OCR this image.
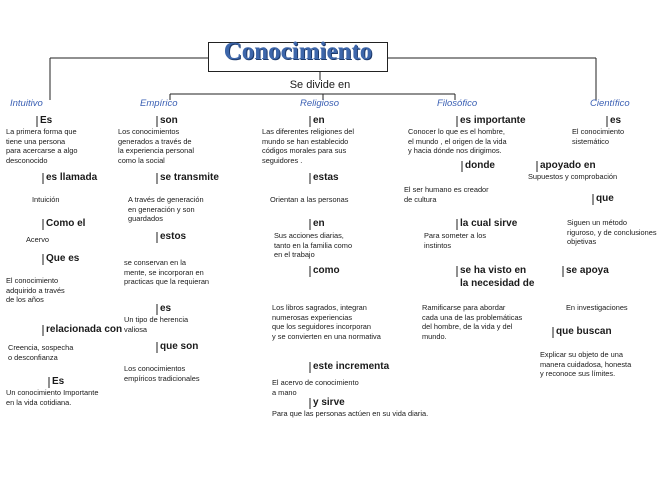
Conocimiento
Se divide en
Intuitivo
Es
La primera forma que
tiene una persona
para acercarse a algo
desconocido
es llamada
Intuición
Como el
Acervo
Que es
El conocimiento
adquirido a través
de los años
relacionada con
Creencia, sospecha
o desconfianza
Es
Un conocimiento Importante
en la vida cotidiana.
Empírico
son
Los conocimientos
generados a través de
la experiencia personal
como la social
se transmite
A través de generación
en generación y son
guardados
estos
se conservan en la
mente, se incorporan en
practicas que la requieran
es
Un tipo de herencia
valiosa
que son
Los conocimientos
empíricos tradicionales
Religioso
en
Las diferentes religiones del
mundo se han establecido
códigos morales para sus
seguidores .
estas
Orientan a las personas
en
Sus acciones diarias,
tanto en la familia como
en el trabajo
como
Los libros sagrados, integran
numerosas experiencias
que los seguidores incorporan
y se convierten en una normativa
este incrementa
El acervo de conocimiento
a mano
y sirve
Para que las personas actúen en su vida diaria.
Filosófico
es importante
Conocer lo que es el hombre,
el mundo , el origen de la vida
y hacia dónde nos dirigimos.
donde
El ser humano es creador
de cultura
la cual sirve
Para someter a los
instintos
se ha visto en
la necesidad de
Ramificarse para abordar
cada una de las problemáticas
del hombre, de la vida y del
mundo.
Científico
es
El conocimiento
sistemático
apoyado en
Supuestos y comprobación
que
Siguen un método
riguroso, y de conclusiones
objetivas
se apoya
En investigaciones
que buscan
Explicar su objeto de una
manera cuidadosa, honesta
y reconoce sus límites.
